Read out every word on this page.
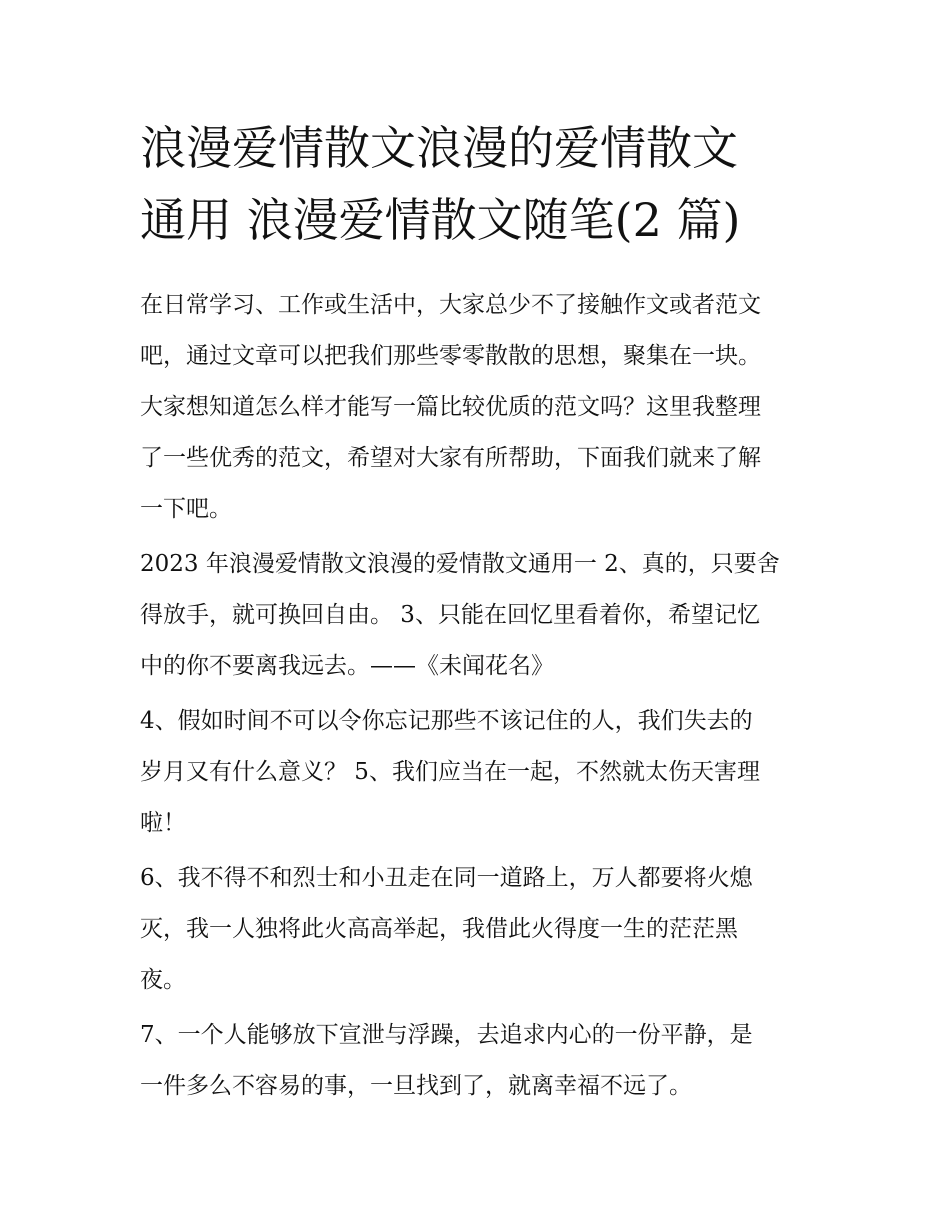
浪漫爱情散文浪漫的爱情散文
通用 浪漫爱情散文随笔(2 篇)

在日常学习、工作或生活中，大家总少不了接触作文或者范文
吧，通过文章可以把我们那些零零散散的思想，聚集在一块。
大家想知道怎么样才能写一篇比较优质的范文吗？这里我整理
了一些优秀的范文，希望对大家有所帮助，下面我们就来了解
一下吧。

2023 年浪漫爱情散文浪漫的爱情散文通用一 2、真的，只要舍
得放手，就可换回自由。 3、只能在回忆里看着你，希望记忆
中的你不要离我远去。——《未闻花名》

4、假如时间不可以令你忘记那些不该记住的人，我们失去的
岁月又有什么意义？ 5、我们应当在一起，不然就太伤天害理
啦！

6、我不得不和烈士和小丑走在同一道路上，万人都要将火熄
灭，我一人独将此火高高举起，我借此火得度一生的茫茫黑
夜。

7、一个人能够放下宣泄与浮躁，去追求内心的一份平静，是
一件多么不容易的事，一旦找到了，就离幸福不远了。
